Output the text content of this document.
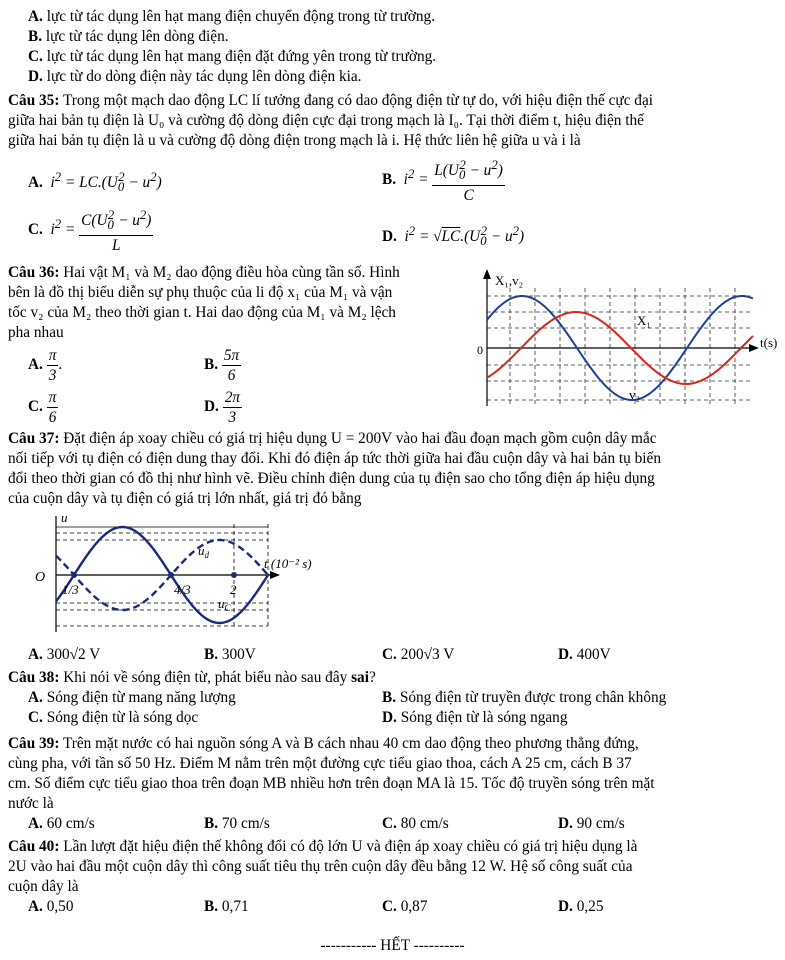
A. lực từ tác dụng lên hạt mang điện chuyển động trong từ trường.
B. lực từ tác dụng lên dòng điện.
C. lực từ tác dụng lên hạt mang điện đặt đứng yên trong từ trường.
D. lực từ do dòng điện này tác dụng lên dòng điện kia.
Câu 35: Trong một mạch dao động LC lí tưởng đang có dao động điện từ tự do, với hiệu điện thế cực đại
giữa hai bản tụ điện là U₀ và cường độ dòng điện cực đại trong mạch là I₀. Tại thời điểm t, hiệu điện thế
giữa hai bản tụ điện là u và cường độ dòng điện trong mạch là i. Hệ thức liên hệ giữa u và i là
A.  $i^2 = LC.(U_0^2 - u^2)$	B.  $i^2 = \frac{L(U_0^2 - u^2)}{C}$
C.  $i^2 = \frac{C(U_0^2 - u^2)}{L}$	D.  $i^2 = √LC.(U_0^2 - u^2)$
Câu 36: Hai vật M₁ và M₂ dao động điều hòa cùng tần số. Hình
bên là đồ thị biểu diễn sự phụ thuộc của li độ x₁ của M₁ và vận
tốc v₂ của M₂ theo thời gian t. Hai dao động của M₁ và M₂ lệch
pha nhau
A. $\frac{\pi}{3}$ .	B. $\frac{5\pi}{6}$
C. $\frac{\pi}{6}$	D. $\frac{2\pi}{3}$
X₁,v₂
t(s)
0
X₁
v₂
Câu 37: Đặt điện áp xoay chiều có giá trị hiệu dụng U = 200V vào hai đầu đoạn mạch gồm cuộn dây mắc
nối tiếp với tụ điện có điện dung thay đổi. Khi đó điện áp tức thời giữa hai đầu cuộn dây và hai bản tụ biến
đổi theo thời gian có đồ thị như hình vẽ. Điều chỉnh điện dung của tụ điện sao cho tổng điện áp hiệu dụng
của cuộn dây và tụ điện có giá trị lớn nhất, giá trị đó bằng
u
O
t (10⁻² s)
$u_d$
$u_C$
1/3	4/3	2
A. 300√2 V	B. 300V	C. 200√3 V	D. 400V
Câu 38: Khi nói về sóng điện từ, phát biểu nào sau đây sai?
A. Sóng điện từ mang năng lượng	B. Sóng điện từ truyền được trong chân không
C. Sóng điện từ là sóng dọc	D. Sóng điện từ là sóng ngang
Câu 39: Trên mặt nước có hai nguồn sóng A và B cách nhau 40 cm dao động theo phương thẳng đứng,
cùng pha, với tần số 50 Hz. Điểm M nằm trên một đường cực tiểu giao thoa, cách A 25 cm, cách B 37
cm. Số điểm cực tiểu giao thoa trên đoạn MB nhiều hơn trên đoạn MA là 15. Tốc độ truyền sóng trên mặt
nước là
A. 60 cm/s	B. 70 cm/s	C. 80 cm/s	D. 90 cm/s
Câu 40: Lần lượt đặt hiệu điện thế không đổi có độ lớn U và điện áp xoay chiều có giá trị hiệu dụng là
2U vào hai đầu một cuộn dây thì công suất tiêu thụ trên cuộn dây đều bằng 12 W. Hệ số công suất của
cuộn dây là
A. 0,50	B. 0,71	C. 0,87	D. 0,25
----------- HẾT ----------
